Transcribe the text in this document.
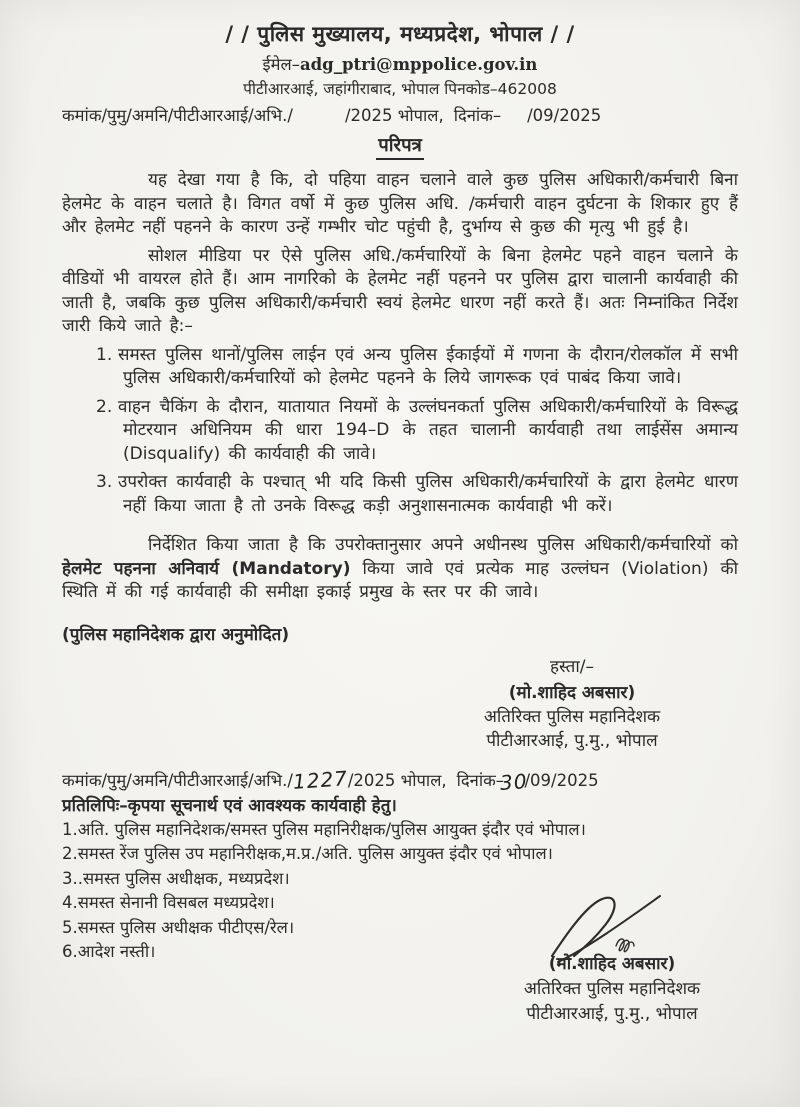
/ / पुलिस मुख्यालय, मध्यप्रदेश, भोपाल / /
ईमेल–adg_ptri@mppolice.gov.in
पीटीआरआई, जहांगीराबाद, भोपाल पिनकोड–462008
कमांक/पुमु/अमनि/पीटीआरआई/अभि./	/2025 भोपाल, दिनांक– /09/2025
परिपत्र
यह देखा गया है कि, दो पहिया वाहन चलाने वाले कुछ पुलिस अधिकारी/कर्मचारी बिना हेलमेट के वाहन चलाते है। विगत वर्षो में कुछ पुलिस अधि. /कर्मचारी वाहन दुर्घटना के शिकार हुए हैं और हेलमेट नहीं पहनने के कारण उन्हें गम्भीर चोट पहुंची है, दुर्भाग्य से कुछ की मृत्यु भी हुई है।
सोशल मीडिया पर ऐसे पुलिस अधि./कर्मचारियों के बिना हेलमेट पहने वाहन चलाने के वीडियों भी वायरल होते हैं। आम नागरिको के हेलमेट नहीं पहनने पर पुलिस द्वारा चालानी कार्यवाही की जाती है, जबकि कुछ पुलिस अधिकारी/कर्मचारी स्वयं हेलमेट धारण नहीं करते हैं। अतः निम्नांकित निर्देश जारी किये जाते है:–
1. समस्त पुलिस थानों/पुलिस लाईन एवं अन्य पुलिस ईकाईयों में गणना के दौरान/रोलकॉल में सभी पुलिस अधिकारी/कर्मचारियों को हेलमेट पहनने के लिये जागरूक एवं पाबंद किया जावे।
2. वाहन चैकिंग के दौरान, यातायात नियमों के उल्लंघनकर्ता पुलिस अधिकारी/कर्मचारियों के विरूद्ध मोटरयान अधिनियम की धारा 194–D के तहत चालानी कार्यवाही तथा लाईसेंस अमान्य (Disqualify) की कार्यवाही की जावे।
3. उपरोक्त कार्यवाही के पश्चात् भी यदि किसी पुलिस अधिकारी/कर्मचारियों के द्वारा हेलमेट धारण नहीं किया जाता है तो उनके विरूद्ध कड़ी अनुशासनात्मक कार्यवाही भी करें।
निर्देशित किया जाता है कि उपरोक्तानुसार अपने अधीनस्थ पुलिस अधिकारी/कर्मचारियों को हेलमेट पहनना अनिवार्य (Mandatory) किया जावे एवं प्रत्येक माह उल्लंघन (Violation) की स्थिति में की गई कार्यवाही की समीक्षा इकाई प्रमुख के स्तर पर की जावे।
(पुलिस महानिदेशक द्वारा अनुमोदित)
हस्ता/–
(मो.शाहिद अबसार)
अतिरिक्त पुलिस महानिदेशक
पीटीआरआई, पु.मु., भोपाल
कमांक/पुमु/अमनि/पीटीआरआई/अभि./1227/2025 भोपाल, दिनांक–30/09/2025
प्रतिलिपिः–कृपया सूचनार्थ एवं आवश्यक कार्यवाही हेतु।
1.अति. पुलिस महानिदेशक/समस्त पुलिस महानिरीक्षक/पुलिस आयुक्त इंदौर एवं भोपाल।
2.समस्त रेंज पुलिस उप महानिरीक्षक,म.प्र./अति. पुलिस आयुक्त इंदौर एवं भोपाल।
3..समस्त पुलिस अधीक्षक, मध्यप्रदेश।
4.समस्त सेनानी विसबल मध्यप्रदेश।
5.समस्त पुलिस अधीक्षक पीटीएस/रेल।
6.आदेश नस्ती।
(मो.शाहिद अबसार)
अतिरिक्त पुलिस महानिदेशक
पीटीआरआई, पु.मु., भोपाल
